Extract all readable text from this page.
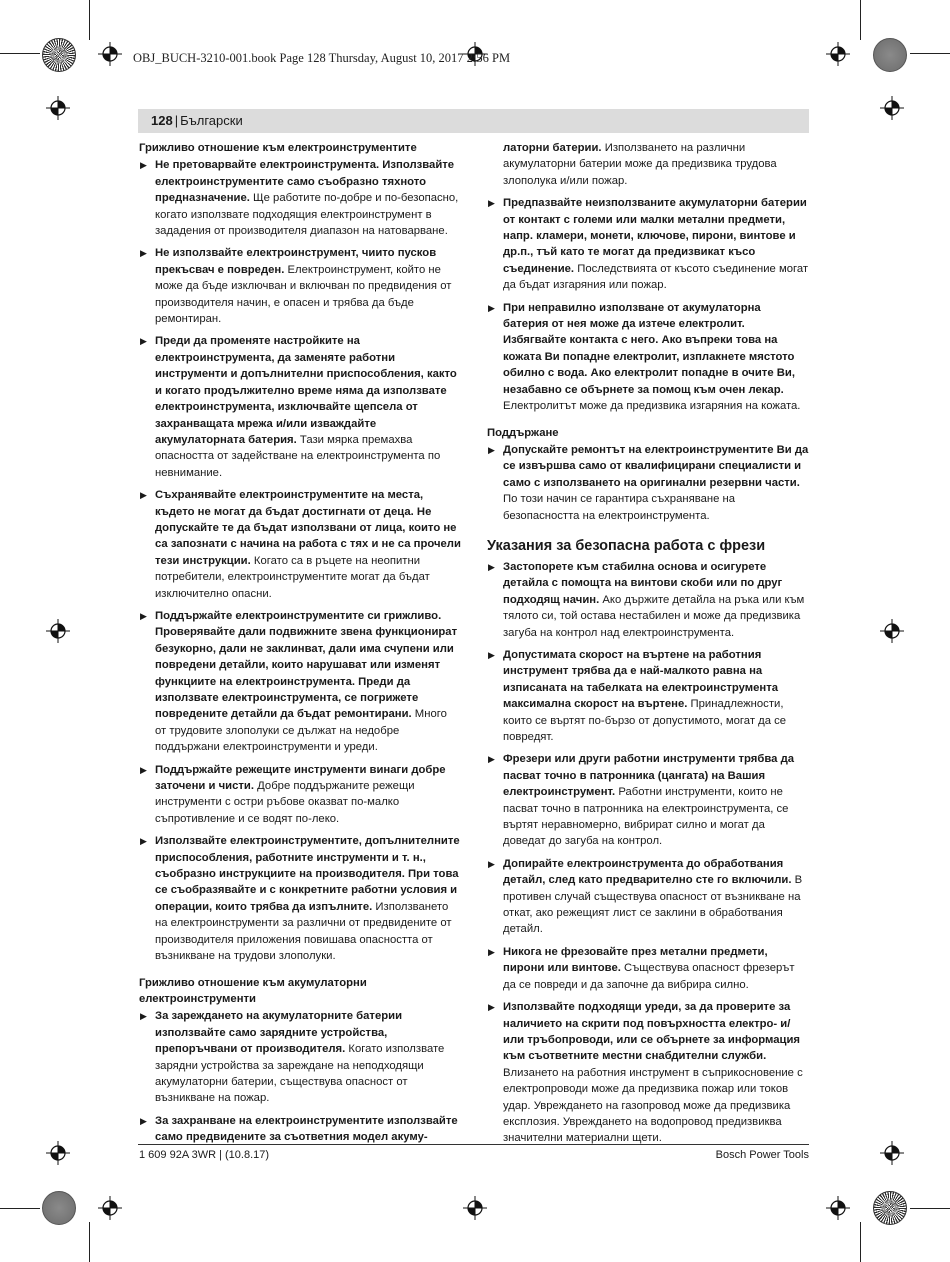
OBJ_BUCH-3210-001.book Page 128 Thursday, August 10, 2017 2:56 PM
128 | Български
Грижливо отношение към електроинструментите
▶ Не претоварвайте електроинструмента. Използвайте електроинструментите само съобразно тяхното предназначение. Ще работите по-добре и по-безопасно, когато използвате подходящия електроинструмент в зададения от производителя диапазон на натоварване.
▶ Не използвайте електроинструмент, чиито пусков прекъсвач е повреден. Електроинструмент, който не може да бъде изключван и включван по предвидения от производителя начин, е опасен и трябва да бъде ремонтиран.
▶ Преди да променяте настройките на електроинструмента, да заменяте работни инструменти и допълнителни приспособления, както и когато продължително време няма да използвате електроинструмента, изключвайте щепсела от захранващата мрежа и/или изваждайте акумулаторната батерия. Тази мярка премахва опасността от задействане на електроинструмента по невнимание.
▶ Съхранявайте електроинструментите на места, където не могат да бъдат достигнати от деца. Не допускайте те да бъдат използвани от лица, които не са запознати с начина на работа с тях и не са прочели тези инструкции. Когато са в ръцете на неопитни потребители, електроинструментите могат да бъдат изключително опасни.
▶ Поддържайте електроинструментите си грижливо. Проверявайте дали подвижните звена функционират безукорно, дали не заклинват, дали има счупени или повредени детайли, които нарушават или изменят функциите на електроинструмента. Преди да използвате електроинструмента, се погрижете повредените детайли да бъдат ремонтирани. Много от трудовите злополуки се дължат на недобре поддържани електроинструменти и уреди.
▶ Поддържайте режещите инструменти винаги добре заточени и чисти. Добре поддържаните режещи инструменти с остри ръбове оказват по-малко съпротивление и се водят по-леко.
▶ Използвайте електроинструментите, допълнителните приспособления, работните инструменти и т. н., съобразно инструкциите на производителя. При това се съобразявайте и с конкретните работни условия и операции, които трябва да изпълните. Използването на електроинструменти за различни от предвидените от производителя приложения повишава опасността от възникване на трудови злополуки.
Грижливо отношение към акумулаторни електроинструменти
▶ За зареждането на акумулаторните батерии използвайте само зарядните устройства, препоръчвани от производителя. Когато използвате зарядни устройства за зареждане на неподходящи акумулаторни батерии, съществува опасност от възникване на пожар.
▶ За захранване на електроинструментите използвайте само предвидените за съответния модел акуму-
латорни батерии. Използването на различни акумулаторни батерии може да предизвика трудова злополука и/или пожар.
▶ Предпазвайте неизползваните акумулаторни батерии от контакт с големи или малки метални предмети, напр. кламери, монети, ключове, пирони, винтове и др.п., тъй като те могат да предизвикат късо съединение. Последствията от късото съединение могат да бъдат изгаряния или пожар.
▶ При неправилно използване от акумулаторна батерия от нея може да изтече електролит. Избягвайте контакта с него. Ако въпреки това на кожата Ви попадне електролит, изплакнете мястото обилно с вода. Ако електролит попадне в очите Ви, незабавно се обърнете за помощ към очен лекар. Електролитът може да предизвика изгаряния на кожата.
Поддържане
▶ Допускайте ремонтът на електроинструментите Ви да се извършва само от квалифицирани специалисти и само с използването на оригинални резервни части. По този начин се гарантира съхраняване на безопасността на електроинструмента.
Указания за безопасна работа с фрези
▶ Застопорете към стабилна основа и осигурете детайла с помощта на винтови скоби или по друг подходящ начин. Ако държите детайла на ръка или към тялото си, той остава нестабилен и може да предизвика загуба на контрол над електроинструмента.
▶ Допустимата скорост на въртене на работния инструмент трябва да е най-малкото равна на изписаната на табелката на електроинструмента максимална скорост на въртене. Принадлежности, които се въртят по-бързо от допустимото, могат да се повредят.
▶ Фрезери или други работни инструменти трябва да пасват точно в патронника (цангата) на Вашия електроинструмент. Работни инструменти, които не пасват точно в патронника на електроинструмента, се въртят неравномерно, вибрират силно и могат да доведат до загуба на контрол.
▶ Допирайте електроинструмента до обработвания детайл, след като предварително сте го включили. В противен случай съществува опасност от възникване на откат, ако режещият лист се заклини в обработвания детайл.
▶ Никога не фрезовайте през метални предмети, пирони или винтове. Съществува опасност фрезерът да се повреди и да започне да вибрира силно.
▶ Използвайте подходящи уреди, за да проверите за наличието на скрити под повърхността електро- и/или тръбопроводи, или се обърнете за информация към съответните местни снабдителни служби. Влизането на работния инструмент в съприкосновение с електропроводи може да предизвика пожар или токов удар. Увреждането на газопровод може да предизвика експлозия. Увреждането на водопровод предизвиква значителни материални щети.
1 609 92A 3WR | (10.8.17)	Bosch Power Tools
